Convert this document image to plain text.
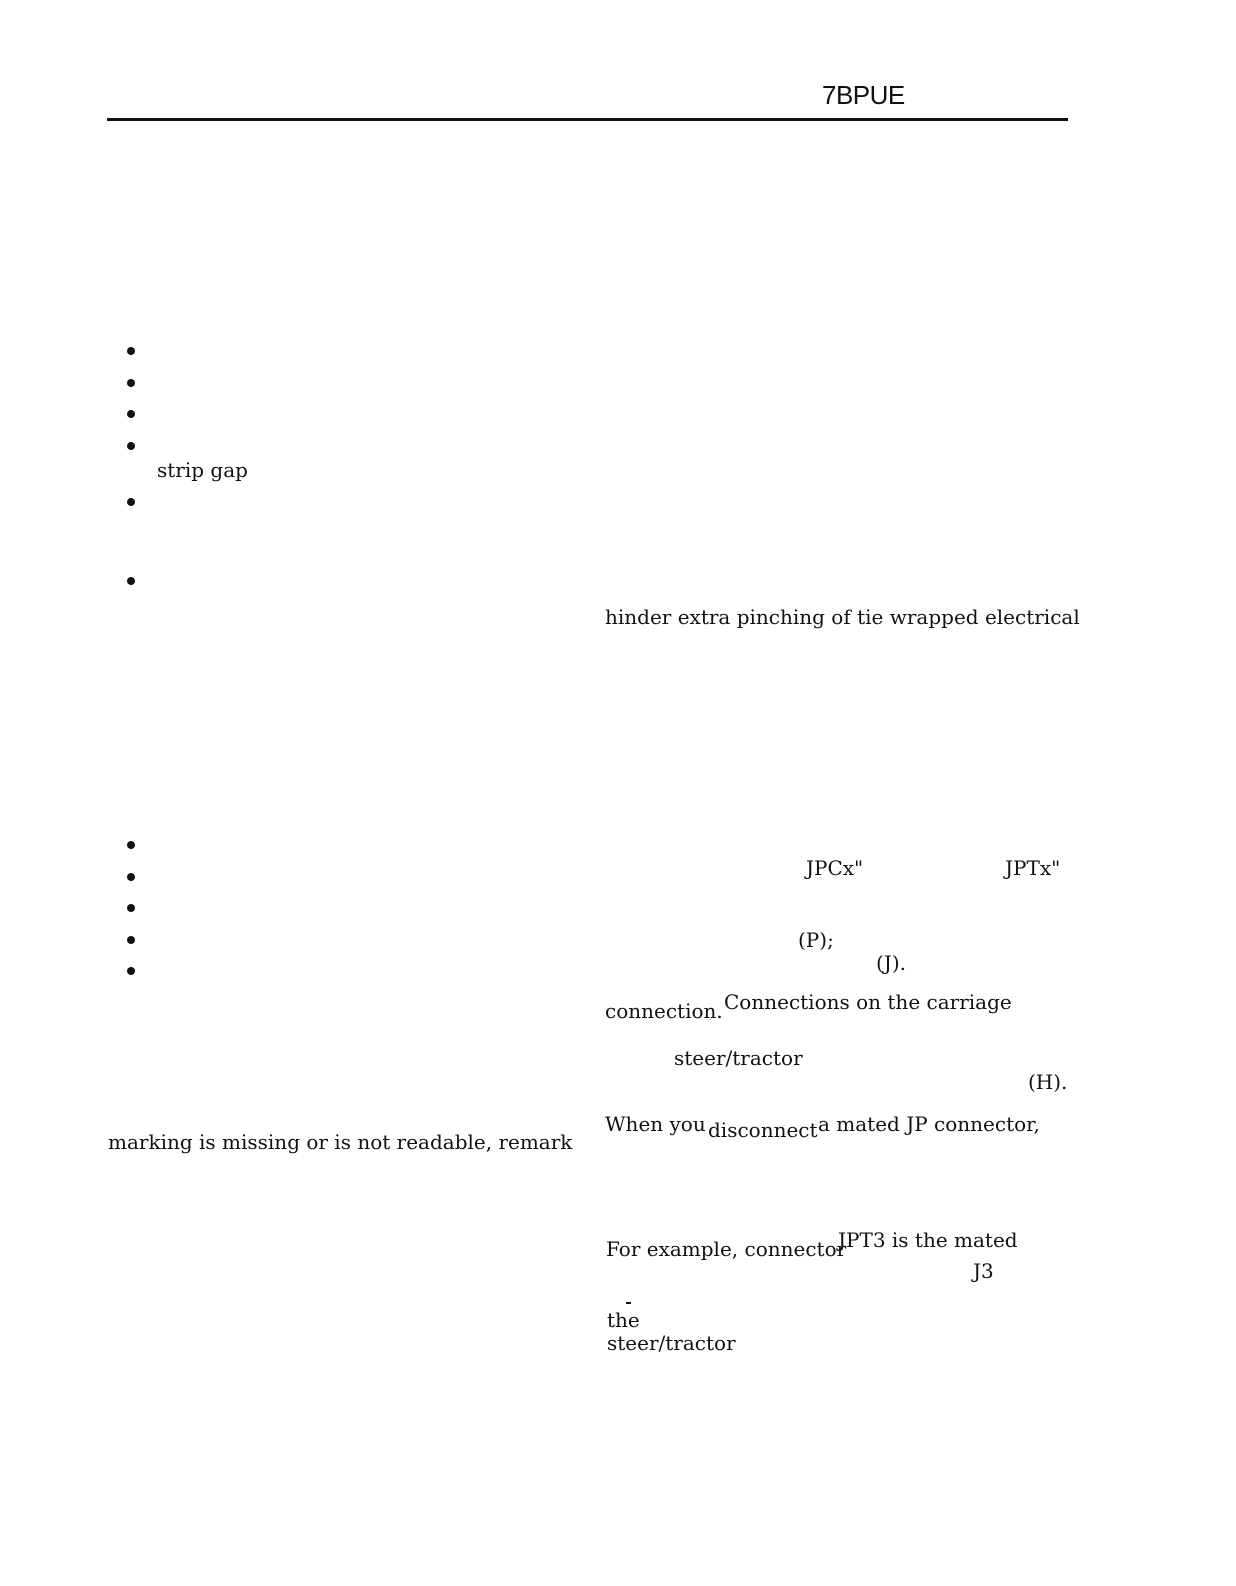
7BPUE
strip gap
marking is missing or is not readable, remark
hinder extra pinching of tie wrapped electrical
JPCx"	JPTx"
(P);
(J).
connection. Connections on the carriage
steer/tractor
(H).
When you disconnect a mated JP connector,
For example, connector
JPT3 is the mated
J3
the
steer/tractor
